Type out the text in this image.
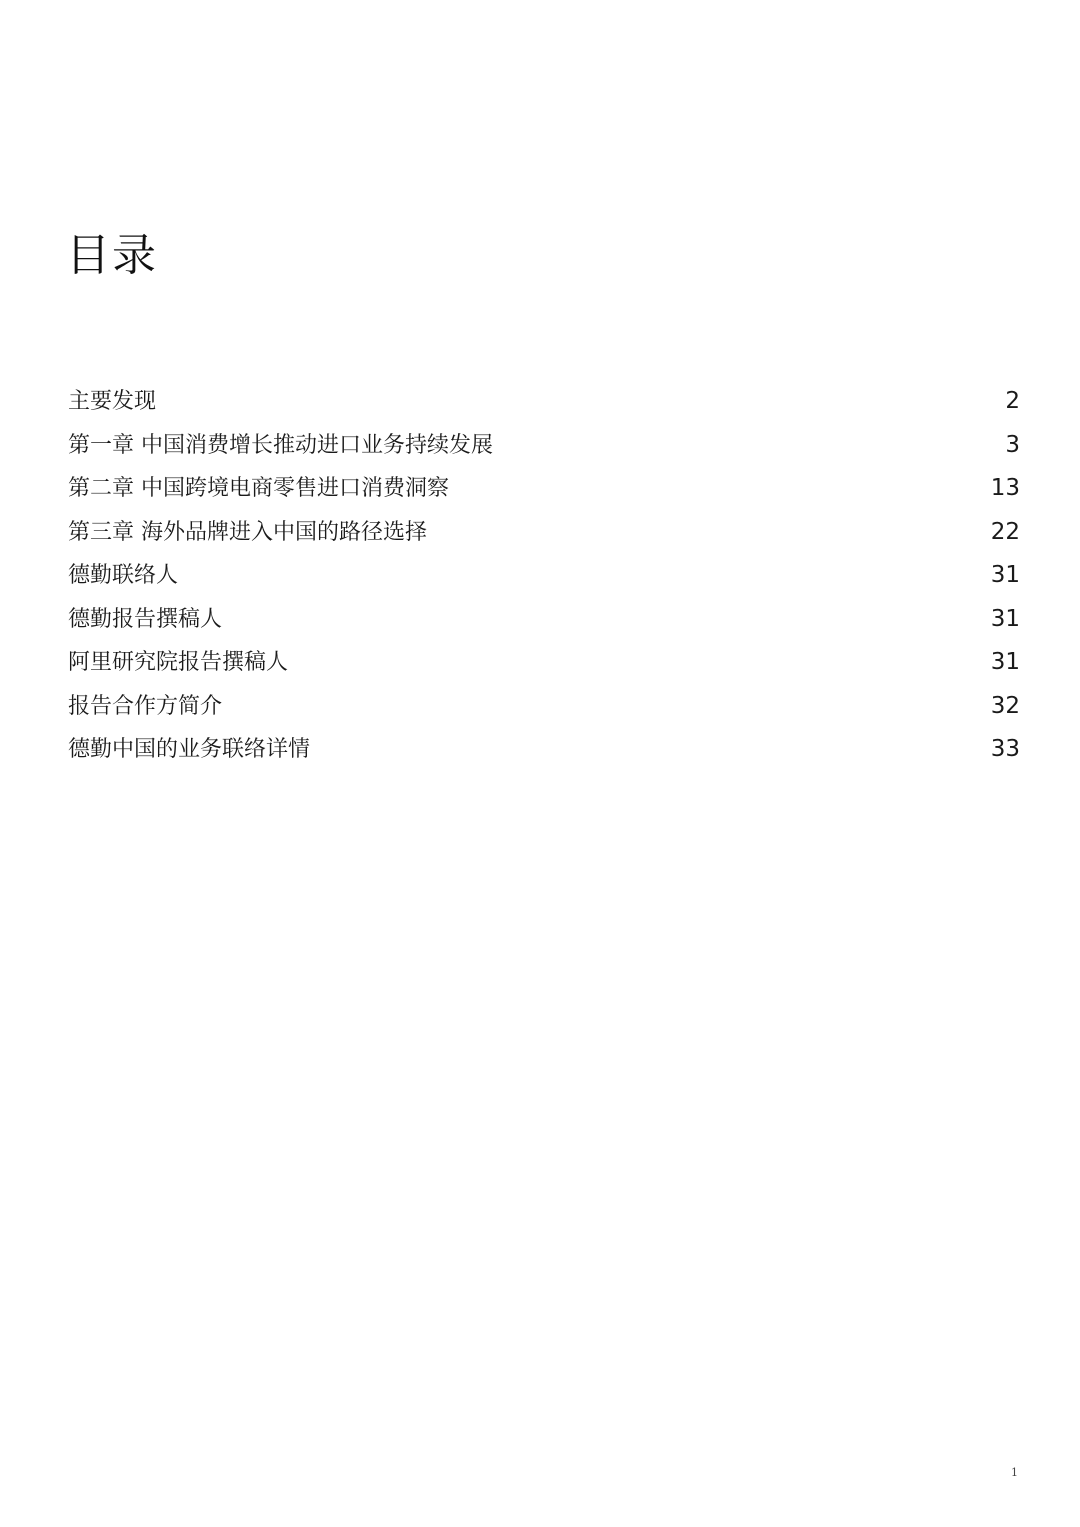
目录
主要发现	2
第一章 中国消费增长推动进口业务持续发展	3
第二章 中国跨境电商零售进口消费洞察	13
第三章 海外品牌进入中国的路径选择	22
德勤联络人	31
德勤报告撰稿人	31
阿里研究院报告撰稿人	31
报告合作方简介	32
德勤中国的业务联络详情	33
1
